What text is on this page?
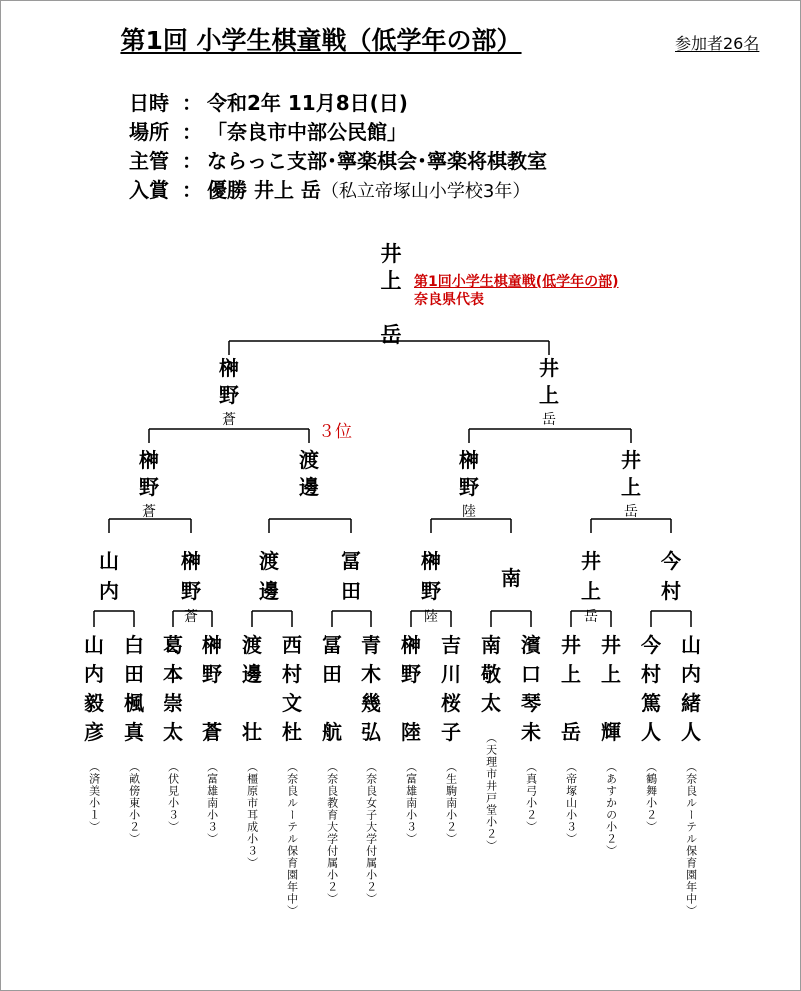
第1回 小学生棋童戦（低学年の部）	参加者26名
日時 ： 令和2年 11月8日(日)
場所 ： 「奈良市中部公民館」
主管 ： ならっこ支部･寧楽棋会･寧楽将棋教室
入賞 ： 優勝 井上 岳（私立帝塚山小学校3年）
第1回小学生棋童戦(低学年の部)
奈良県代表
３位
井
上

岳
榊
野
蒼
井
上
岳
榊
野
蒼
渡
邊
榊
野
陸
井
上
岳
山
内
榊
野
蒼
渡
邊
冨
田
榊
野
陸
南
井
上
岳
今
村
山
内
毅
彦
（済美小１）
白
田
楓
真
（畝傍東小２）
葛
本
崇
太
（伏見小３）
榊
野

蒼
（富雄南小３）
渡
邊

壮
（橿原市耳成小３）
西
村
文
杜
（奈良ルーテル保育園年中）
冨
田

航
（奈良教育大学付属小２）
青
木
幾
弘
（奈良女子大学付属小２）
榊
野

陸
（富雄南小３）
吉
川
桜
子
（生駒南小２）
南
敬
太
（天理市井戸堂小２）
濱
口
琴
未
（真弓小２）
井
上

岳
（帝塚山小３）
井
上

輝
（あすかの小２）
今
村
篤
人
（鶴舞小２）
山
内
緒
人
（奈良ルーテル保育園年中）
